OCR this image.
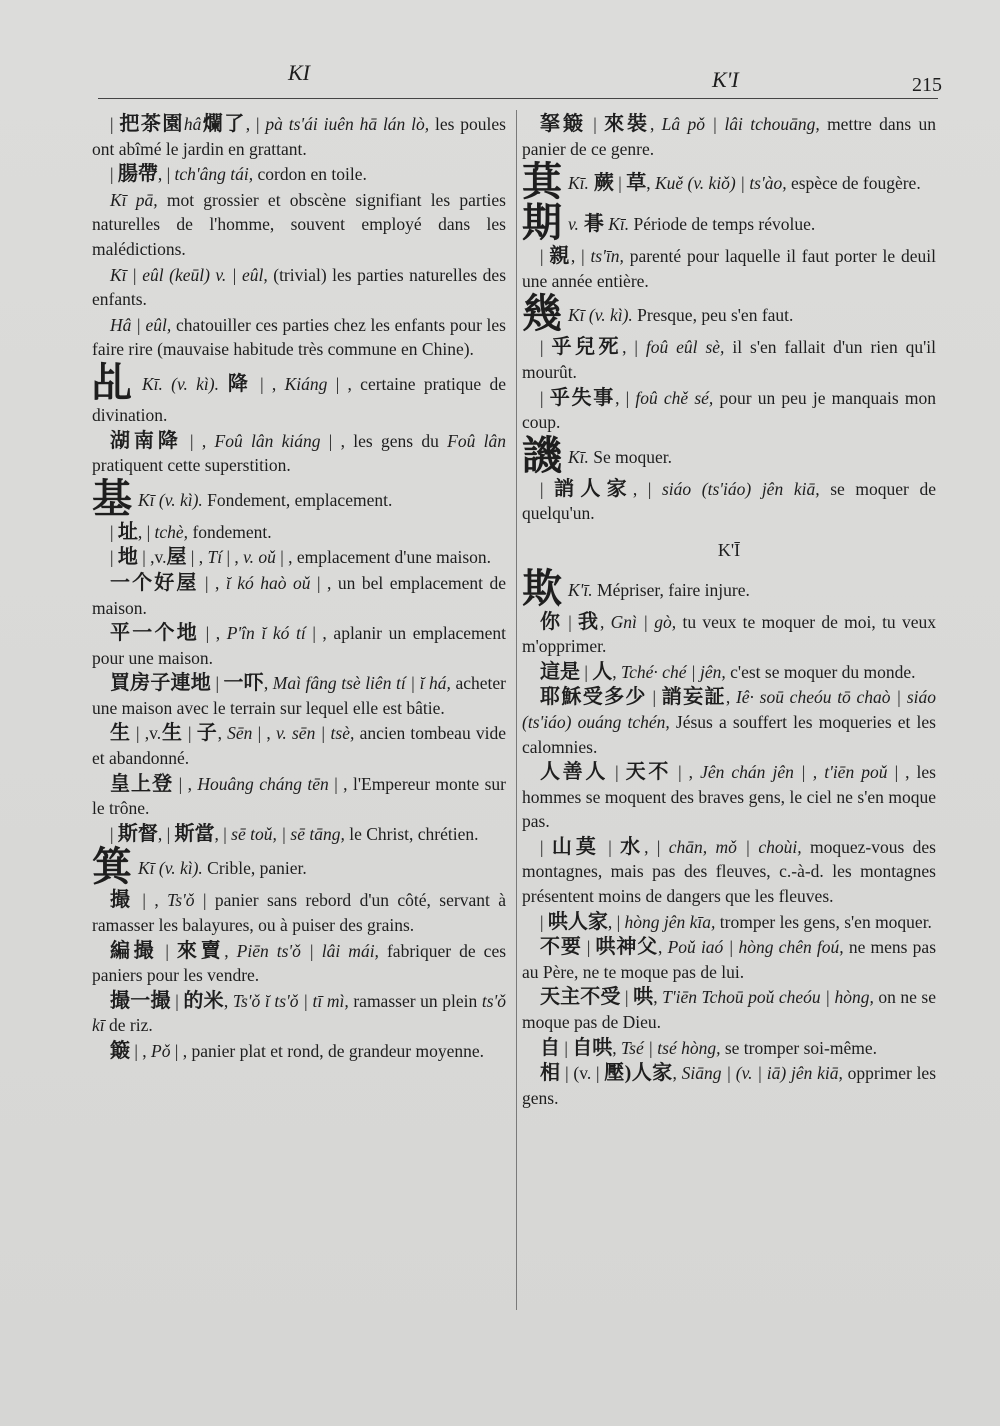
KI	K'I	215
| 把茶園hâ爛了, | pà ts'ái iuên hā lán lò, les poules ont abîmé le jardin en grattant.
| 腸帶, | tch'âng tái, cordon en toile.
Kī pā, mot grossier et obscène signifiant les parties naturelles de l'homme, souvent employé dans les malédictions.
Kī | eûl (keūl) v. | eûl, (trivial) les parties naturelles des enfants.
Hâ | eûl, chatouiller ces parties chez les enfants pour les faire rire (mauvaise habitude très commune en Chine).
乩 Kī. (v. kì). 降 | , Kiáng | , certaine pratique de divination.
湖南降 | , Foû lân kiáng | , les gens du Foû lân pratiquent cette superstition.
基 Kī (v. kì). Fondement, emplacement.
| 址, | tchè, fondement.
| 地 | ,v.屋 | , Tí | , v. oǔ | , emplacement d'une maison.
一个好屋 | , ĭ kó haò oǔ | , un bel emplacement de maison.
平一个地 | , P'în ĭ kó tí | , aplanir un emplacement pour une maison.
買房子連地 | 一吓, Maì fâng tsè liên tí | ĭ há, acheter une maison avec le terrain sur lequel elle est bâtie.
生 | ,v.生 | 子, Sēn | , v. sēn | tsè, ancien tombeau vide et abandonné.
皇上登 | , Houâng cháng tēn | , l'Empereur monte sur le trône.
| 斯督, | 斯當, | sē toǔ, | sē tāng, le Christ, chrétien.
箕 Kī (v. kì). Crible, panier.
撮 | , Ts'ǒ | panier sans rebord d'un côté, servant à ramasser les balayures, ou à puiser des grains.
編撮 | 來賣, Piēn ts'ǒ | lâi mái, fabriquer de ces paniers pour les vendre.
撮一撮 | 的米, Ts'ǒ ĭ ts'ǒ | tī mì, ramasser un plein ts'ǒ kī de riz.
簸 | , Pǒ | , panier plat et rond, de grandeur moyenne.
拏簸 | 來裝, Lâ pǒ | lâi tchouāng, mettre dans un panier de ce genre.
萁 Kī. 蕨 | 草, Kuě (v. kiǒ) | ts'ào, espèce de fougère.
期v. 朞 Kī. Période de temps révolue.
| 親, | ts'īn, parenté pour laquelle il faut porter le deuil une année entière.
幾 Kī (v. kì). Presque, peu s'en faut.
| 乎兒死, | foû eûl sè, il s'en fallait d'un rien qu'il mourût.
| 乎失事, | foû chě sé, pour un peu je manquais mon coup.
譏 Kī. Se moquer.
| 誚人家, | siáo (ts'iáo) jên kiā, se moquer de quelqu'un.
K'Ī
欺 K'ī. Mépriser, faire injure.
你 | 我, Gnì | gò, tu veux te moquer de moi, tu veux m'opprimer.
這是 | 人, Tché· ché | jên, c'est se moquer du monde.
耶穌受多少 | 誚妄証, Iê· soū cheóu tō chaò | siáo (ts'iáo) ouáng tchén, Jésus a souffert les moqueries et les calomnies.
人善人 | 天不 | , Jên chán jên | , t'iēn poǔ | , les hommes se moquent des braves gens, le ciel ne s'en moque pas.
| 山莫 | 水, | chān, mǒ | choùi, moquez-vous des montagnes, mais pas des fleuves, c.-à-d. les montagnes présentent moins de dangers que les fleuves.
| 哄人家, | hòng jên kīa, tromper les gens, s'en moquer.
不要 | 哄神父, Poǔ iaó | hòng chên foú, ne mens pas au Père, ne te moque pas de lui.
天主不受 | 哄, T'iēn Tchoū poǔ cheóu | hòng, on ne se moque pas de Dieu.
自 | 自哄, Tsé | tsé hòng, se tromper soi-même.
相 | (v. | 壓)人家, Siāng | (v. | iā) jên kiā, opprimer les gens.
